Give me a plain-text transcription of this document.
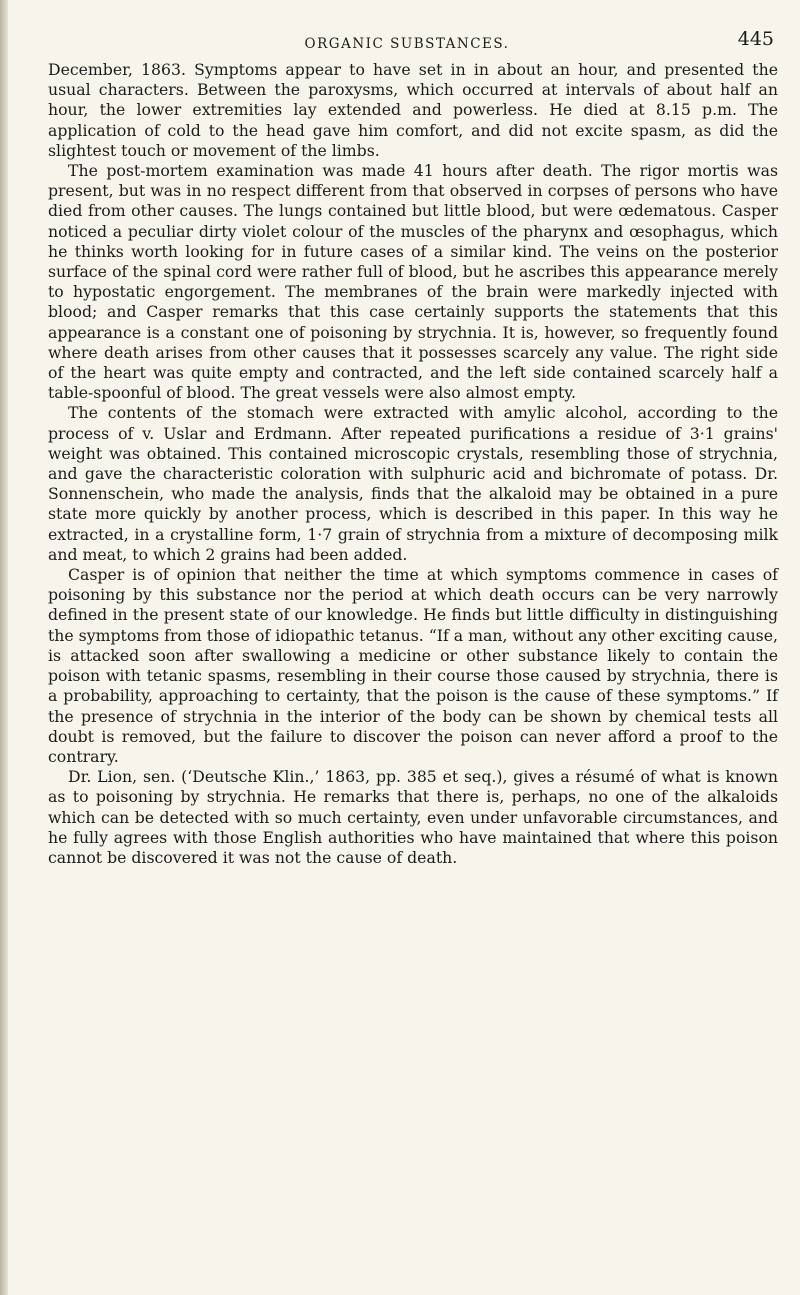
ORGANIC SUBSTANCES.	445

December, 1863. Symptoms appear to have set in in about an hour, and presented the usual characters. Between the paroxysms, which occurred at intervals of about half an hour, the lower extremities lay extended and powerless. He died at 8.15 p.m. The application of cold to the head gave him comfort, and did not excite spasm, as did the slightest touch or movement of the limbs.

The post-mortem examination was made 41 hours after death. The rigor mortis was present, but was in no respect different from that observed in corpses of persons who have died from other causes. The lungs contained but little blood, but were œdematous. Casper noticed a peculiar dirty violet colour of the muscles of the pharynx and œsophagus, which he thinks worth looking for in future cases of a similar kind. The veins on the posterior surface of the spinal cord were rather full of blood, but he ascribes this appearance merely to hypostatic engorgement. The membranes of the brain were markedly injected with blood; and Casper remarks that this case certainly supports the statements that this appearance is a constant one of poisoning by strychnia. It is, however, so frequently found where death arises from other causes that it possesses scarcely any value. The right side of the heart was quite empty and contracted, and the left side contained scarcely half a table-spoonful of blood. The great vessels were also almost empty.

The contents of the stomach were extracted with amylic alcohol, according to the process of v. Uslar and Erdmann. After repeated purifications a residue of 3·1 grains' weight was obtained. This contained microscopic crystals, resembling those of strychnia, and gave the characteristic coloration with sulphuric acid and bichromate of potass. Dr. Sonnenschein, who made the analysis, finds that the alkaloid may be obtained in a pure state more quickly by another process, which is described in this paper. In this way he extracted, in a crystalline form, 1·7 grain of strychnia from a mixture of decomposing milk and meat, to which 2 grains had been added.

Casper is of opinion that neither the time at which symptoms commence in cases of poisoning by this substance nor the period at which death occurs can be very narrowly defined in the present state of our knowledge. He finds but little difficulty in distinguishing the symptoms from those of idiopathic tetanus. “If a man, without any other exciting cause, is attacked soon after swallowing a medicine or other substance likely to contain the poison with tetanic spasms, resembling in their course those caused by strychnia, there is a probability, approaching to certainty, that the poison is the cause of these symptoms.” If the presence of strychnia in the interior of the body can be shown by chemical tests all doubt is removed, but the failure to discover the poison can never afford a proof to the contrary.

Dr. Lion, sen. (‘Deutsche Klin.,’ 1863, pp. 385 et seq.), gives a résumé of what is known as to poisoning by strychnia. He remarks that there is, perhaps, no one of the alkaloids which can be detected with so much certainty, even under unfavorable circumstances, and he fully agrees with those English authorities who have maintained that where this poison cannot be discovered it was not the cause of death.
